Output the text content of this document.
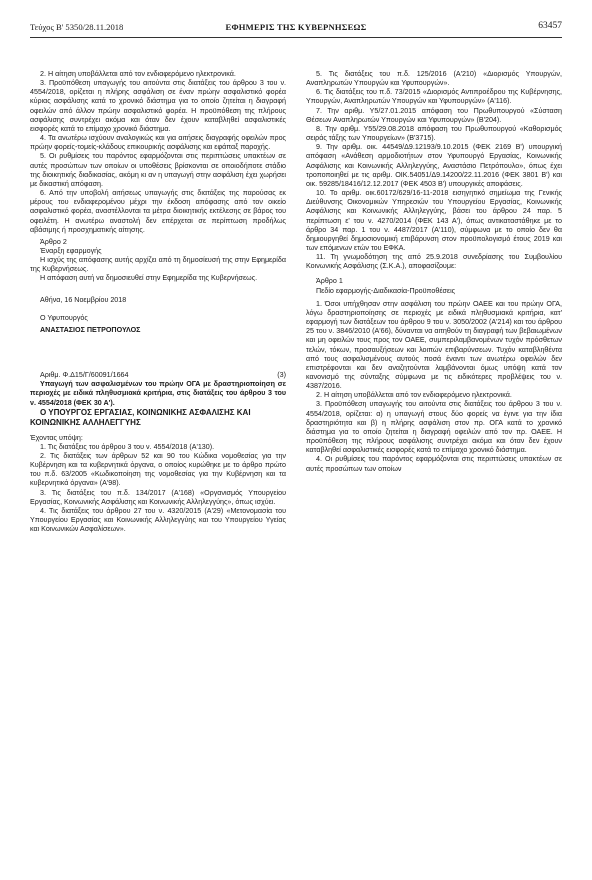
Τεύχος Β' 5350/28.11.2018	ΕΦΗΜΕΡΙΣ ΤΗΣ ΚΥΒΕΡΝΗΣΕΩΣ	63457

2. Η αίτηση υποβάλλεται από τον ενδιαφερόμενο ηλεκτρονικά.

3. Προϋπόθεση υπαγωγής του αιτούντα στις διατάξεις του άρθρου 3 του ν. 4554/2018, ορίζεται η πλήρης ασφάλιση σε έναν πρώην ασφαλιστικό φορέα κύριας ασφάλισης κατά το χρονικό διάστημα για το οποίο ζητείται η διαγραφή οφειλών από άλλον πρώην ασφαλιστικό φορέα. Η προϋπόθεση της πλήρους ασφάλισης συντρέχει ακόμα και όταν δεν έχουν καταβληθεί ασφαλιστικές εισφορές κατά το επίμαχο χρονικό διάστημα.

4. Τα ανωτέρω ισχύουν αναλογικώς και για αιτήσεις διαγραφής οφειλών προς πρώην φορείς-τομείς-κλάδους επικουρικής ασφάλισης και εφάπαξ παροχής.

5. Οι ρυθμίσεις του παρόντος εφαρμόζονται στις περιπτώσεις υπακτέων σε αυτές προσώπων των οποίων οι υποθέσεις βρίσκονται σε οποιοδήποτε στάδιο της διοικητικής διαδικασίας, ακόμη κι αν η υπαγωγή στην ασφάλιση έχει χωρήσει με δικαστική απόφαση.

6. Από την υποβολή αιτήσεως υπαγωγής στις διατάξεις της παρούσας εκ μέρους του ενδιαφερομένου μέχρι την έκδοση απόφασης από τον οικείο ασφαλιστικό φορέα, αναστέλλονται τα μέτρα διοικητικής εκτέλεσης σε βάρος του οφειλέτη. Η ανωτέρω αναστολή δεν επέρχεται σε περίπτωση προδήλως αβάσιμης ή προσχηματικής αίτησης.

Άρθρο 2

Έναρξη εφαρμογής

Η ισχύς της απόφασης αυτής αρχίζει από τη δημοσίευσή της στην Εφημερίδα της Κυβερνήσεως.

Η απόφαση αυτή να δημοσιευθεί στην Εφημερίδα της Κυβερνήσεως.

Αθήνα, 16 Νοεμβρίου 2018

Ο Υφυπουργός

ΑΝΑΣΤΑΣΙΟΣ ΠΕΤΡΟΠΟΥΛΟΣ

Αριθμ. Φ.Δ15/Γ/60091/1664	(3)

Υπαγωγή των ασφαλισμένων του πρώην ΟΓΑ με δραστηριοποίηση σε περιοχές με ειδικά πληθυσμιακά κριτήρια, στις διατάξεις του άρθρου 3 του ν. 4554/2018 (ΦΕΚ 30 Α').

Ο ΥΠΟΥΡΓΟΣ ΕΡΓΑΣΙΑΣ, ΚΟΙΝΩΝΙΚΗΣ ΑΣΦΑΛΙΣΗΣ ΚΑΙ ΚΟΙΝΩΝΙΚΗΣ ΑΛΛΗΛΕΓΓΥΗΣ

Έχοντας υπόψη:

1. Τις διατάξεις του άρθρου 3 του ν. 4554/2018 (Α'130).

2. Τις διατάξεις των άρθρων 52 και 90 του Κώδικα νομοθεσίας για την Κυβέρνηση και τα κυβερνητικά όργανα, ο οποίος κυρώθηκε με το άρθρο πρώτο του π.δ. 63/2005 «Κωδικοποίηση της νομοθεσίας για την Κυβέρνηση και τα κυβερνητικά όργανα» (Α'98).

3. Τις διατάξεις του π.δ. 134/2017 (Α'168) «Οργανισμός Υπουργείου Εργασίας, Κοινωνικής Ασφάλισης και Κοινωνικής Αλληλεγγύης», όπως ισχύει.

4. Τις διατάξεις του άρθρου 27 του ν. 4320/2015 (Α'29) «Μετονομασία του Υπουργείου Εργασίας και Κοινωνικής Αλληλεγγύης και του Υπουργείου Υγείας και Κοινωνικών Ασφαλίσεων».

5. Τις διατάξεις του π.δ. 125/2016 (Α'210) «Διορισμός Υπουργών, Αναπληρωτών Υπουργών και Υφυπουργών».

6. Τις διατάξεις του π.δ. 73/2015 «Διορισμός Αντιπροέδρου της Κυβέρνησης, Υπουργών, Αναπληρωτών Υπουργών και Υφυπουργών» (Α'116).

7. Την αριθμ. Υ5/27.01.2015 απόφαση του Πρωθυπουργού «Σύσταση Θέσεων Αναπληρωτών Υπουργών και Υφυπουργών» (Β'204).

8. Την αριθμ. Υ55/29.08.2018 απόφαση του Πρωθυπουργού «Καθορισμός σειράς τάξης των Υπουργείων» (Β'3715).

9. Την αριθμ. οικ. 44549/Δ9.12193/9.10.2015 (ΦΕΚ 2169 Β') υπουργική απόφαση «Ανάθεση αρμοδιοτήτων στον Υφυπουργό Εργασίας, Κοινωνικής Ασφάλισης και Κοινωνικής Αλληλεγγύης, Αναστάσιο Πετρόπουλο», όπως έχει τροποποιηθεί με τις αριθμ. ΟΙΚ.54051/Δ9.14200/22.11.2016 (ΦΕΚ 3801 Β') και οικ. 59285/18416/12.12.2017 (ΦΕΚ 4503 Β') υπουργικές αποφάσεις.

10. Το αριθμ. οικ.60172/629/16-11-2018 εισηγητικό σημείωμα της Γενικής Διεύθυνσης Οικονομικών Υπηρεσιών του Υπουργείου Εργασίας, Κοινωνικής Ασφάλισης και Κοινωνικής Αλληλεγγύης, βάσει του άρθρου 24 παρ. 5 περίπτωση ε' του ν. 4270/2014 (ΦΕΚ 143 Α'), όπως αντικαταστάθηκε με το άρθρο 34 παρ. 1 του ν. 4487/2017 (Α'110), σύμφωνα με το οποίο δεν θα δημιουργηθεί δημοσιονομική επιβάρυνση στον προϋπολογισμό έτους 2019 και των επόμενων ετών του ΕΦΚΑ.

11. Τη γνωμοδότηση της από 25.9.2018 συνεδρίασης του Συμβουλίου Κοινωνικής Ασφάλισης (Σ.Κ.Α.), αποφασίζουμε:

Άρθρο 1

Πεδίο εφαρμογής-Διαδικασία-Προϋποθέσεις

1. Όσοι υπήχθησαν στην ασφάλιση του πρώην ΟΑΕΕ και του πρώην ΟΓΑ, λόγω δραστηριοποίησης σε περιοχές με ειδικά πληθυσμιακά κριτήρια, κατ' εφαρμογή των διατάξεων του άρθρου 9 του ν. 3050/2002 (Α'214) και του άρθρου 25 του ν. 3846/2010 (Α'66), δύνανται να αιτηθούν τη διαγραφή των βεβαιωμένων και μη οφειλών τους προς τον ΟΑΕΕ, συμπεριλαμβανομένων τυχόν πρόσθετων τελών, τόκων, προσαυξήσεων και λοιπών επιβαρύνσεων. Τυχόν καταβληθέντα από τους ασφαλισμένους αυτούς ποσά έναντι των ανωτέρω οφειλών δεν επιστρέφονται και δεν αναζητούνται λαμβάνονται όμως υπόψη κατά τον κανονισμό της σύνταξης σύμφωνα με τις ειδικότερες προβλέψεις του ν. 4387/2016.

2. Η αίτηση υποβάλλεται από τον ενδιαφερόμενο ηλεκτρονικά.

3. Προϋπόθεση υπαγωγής του αιτούντα στις διατάξεις του άρθρου 3 του ν. 4554/2018, ορίζεται: α) η υπαγωγή στους δύο φορείς να έγινε για την ίδια δραστηριότητα και β) η πλήρης ασφάλιση στον πρ. ΟΓΑ κατά το χρονικό διάστημα για το οποίο ζητείται η διαγραφή οφειλών από τον πρ. ΟΑΕΕ. Η προϋπόθεση της πλήρους ασφάλισης συντρέχει ακόμα και όταν δεν έχουν καταβληθεί ασφαλιστικές εισφορές κατά το επίμαχο χρονικό διάστημα.

4. Οι ρυθμίσεις του παρόντος εφαρμόζονται στις περιπτώσεις υπακτέων σε αυτές προσώπων των οποίων
